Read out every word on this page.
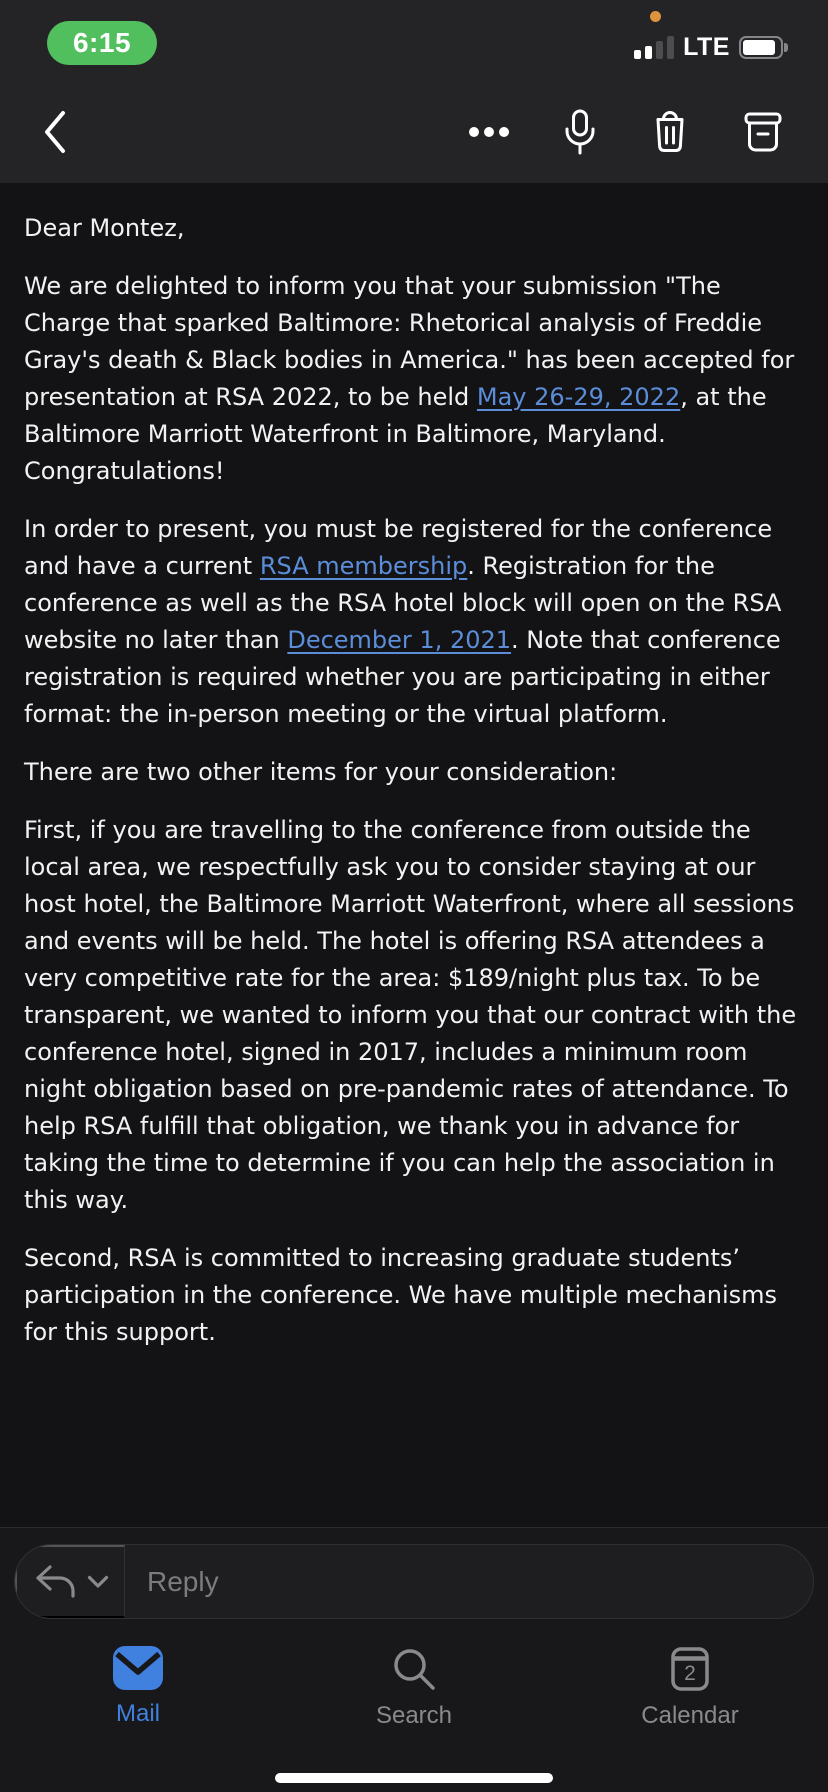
6:15	LTE

Dear Montez,

We are delighted to inform you that your submission "The Charge that sparked Baltimore: Rhetorical analysis of Freddie Gray's death & Black bodies in America." has been accepted for presentation at RSA 2022, to be held May 26-29, 2022, at the Baltimore Marriott Waterfront in Baltimore, Maryland. Congratulations!

In order to present, you must be registered for the conference and have a current RSA membership. Registration for the conference as well as the RSA hotel block will open on the RSA website no later than December 1, 2021. Note that conference registration is required whether you are participating in either format: the in-person meeting or the virtual platform.

There are two other items for your consideration:

First, if you are travelling to the conference from outside the local area, we respectfully ask you to consider staying at our host hotel, the Baltimore Marriott Waterfront, where all sessions and events will be held. The hotel is offering RSA attendees a very competitive rate for the area: $189/night plus tax. To be transparent, we wanted to inform you that our contract with the conference hotel, signed in 2017, includes a minimum room night obligation based on pre-pandemic rates of attendance. To help RSA fulfill that obligation, we thank you in advance for taking the time to determine if you can help the association in this way.

Second, RSA is committed to increasing graduate students’ participation in the conference. We have multiple mechanisms for this support.

Reply
Mail	Search
2
Calendar
